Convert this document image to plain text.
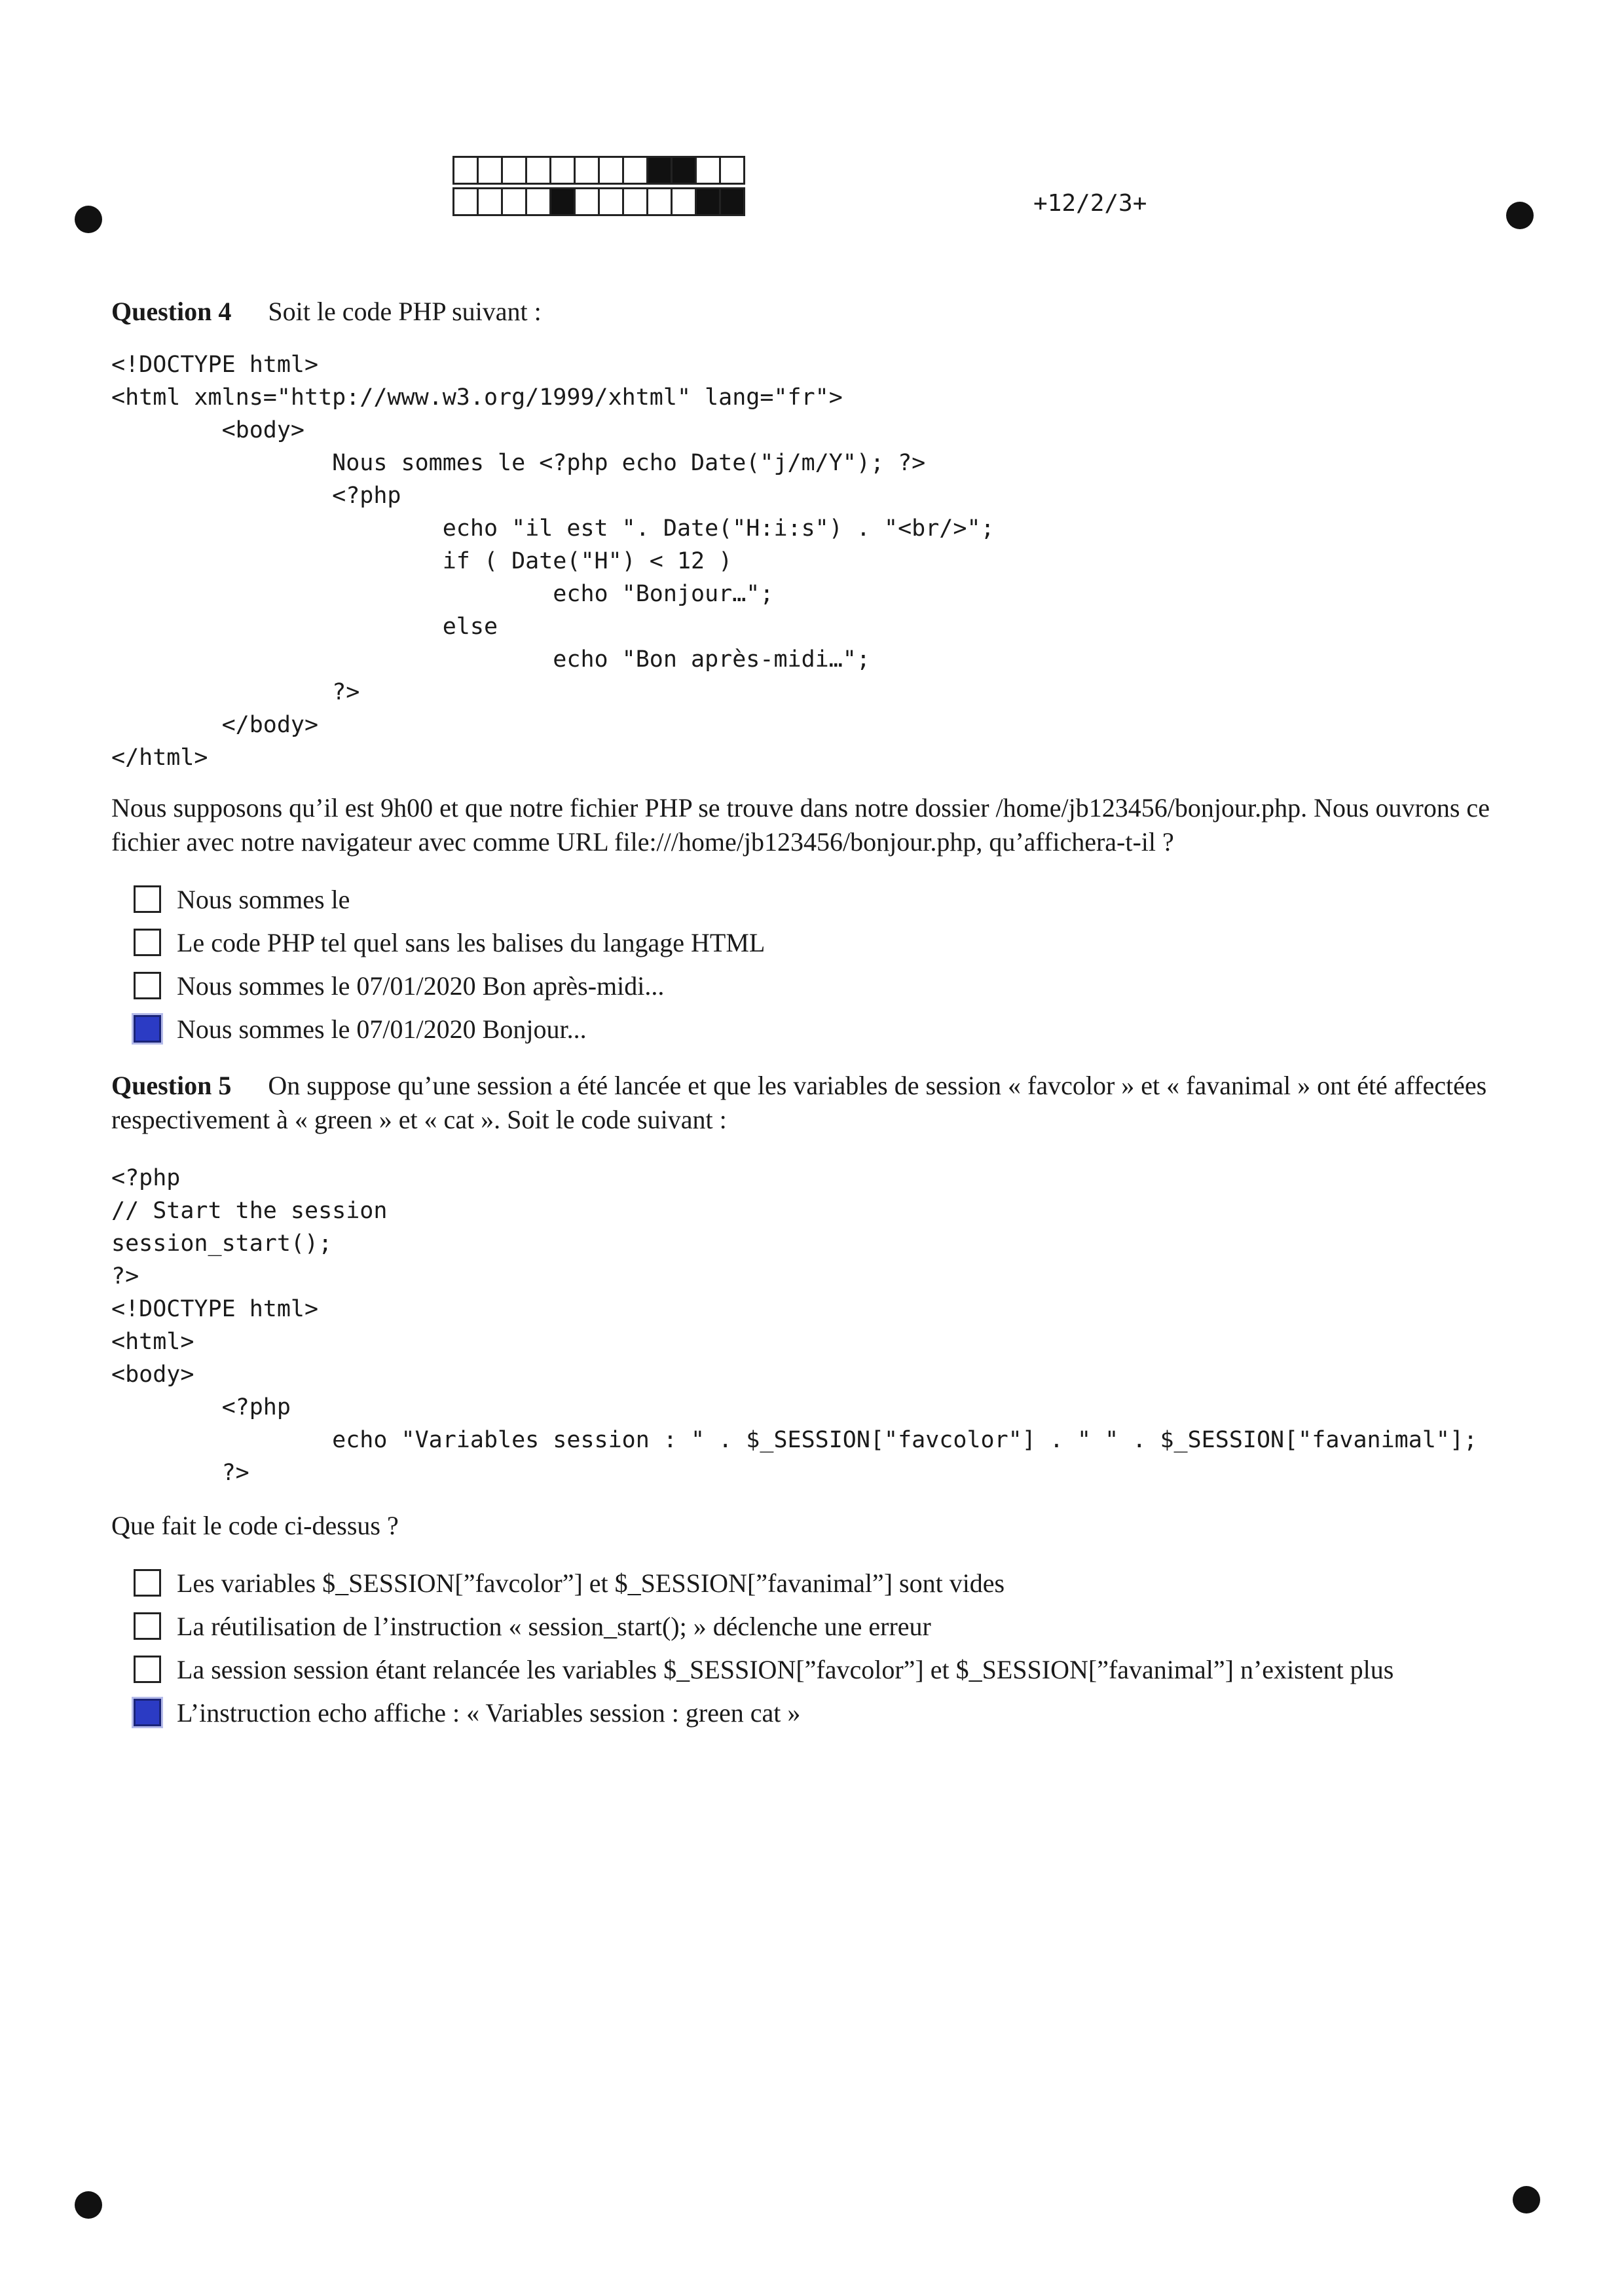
+12/2/3+
Question 4 Soit le code PHP suivant :
<!DOCTYPE html>
<html xmlns="http://www.w3.org/1999/xhtml" lang="fr">
<body>
Nous sommes le <?php echo Date("j/m/Y"); ?>
<?php
echo "il est ". Date("H:i:s") . "<br/>";
if ( Date("H") < 12 )
echo "Bonjour…";
else
echo "Bon après-midi…";
?>
</body>
</html>
Nous supposons qu’il est 9h00 et que notre fichier PHP se trouve dans notre dossier /home/jb123456/bonjour.php. Nous ouvrons ce fichier avec notre navigateur avec comme URL file:///home/jb123456/bonjour.php, qu’affichera-t-il ?
Nous sommes le
Le code PHP tel quel sans les balises du langage HTML
Nous sommes le 07/01/2020 Bon après-midi...
Nous sommes le 07/01/2020 Bonjour...
Question 5 On suppose qu’une session a été lancée et que les variables de session « favcolor » et « favanimal » ont été affectées respectivement à « green » et « cat ». Soit le code suivant :
<?php
// Start the session
session_start();
?>
<!DOCTYPE html>
<html>
<body>
<?php
echo "Variables session : " . $_SESSION["favcolor"] . " " . $_SESSION["favanimal"];
?>
Que fait le code ci-dessus ?
Les variables $_SESSION[”favcolor”] et $_SESSION[”favanimal”] sont vides
La réutilisation de l’instruction « session_start(); » déclenche une erreur
La session session étant relancée les variables $_SESSION[”favcolor”] et $_SESSION[”favanimal”] n’existent plus
L’instruction echo affiche : « Variables session : green cat »
